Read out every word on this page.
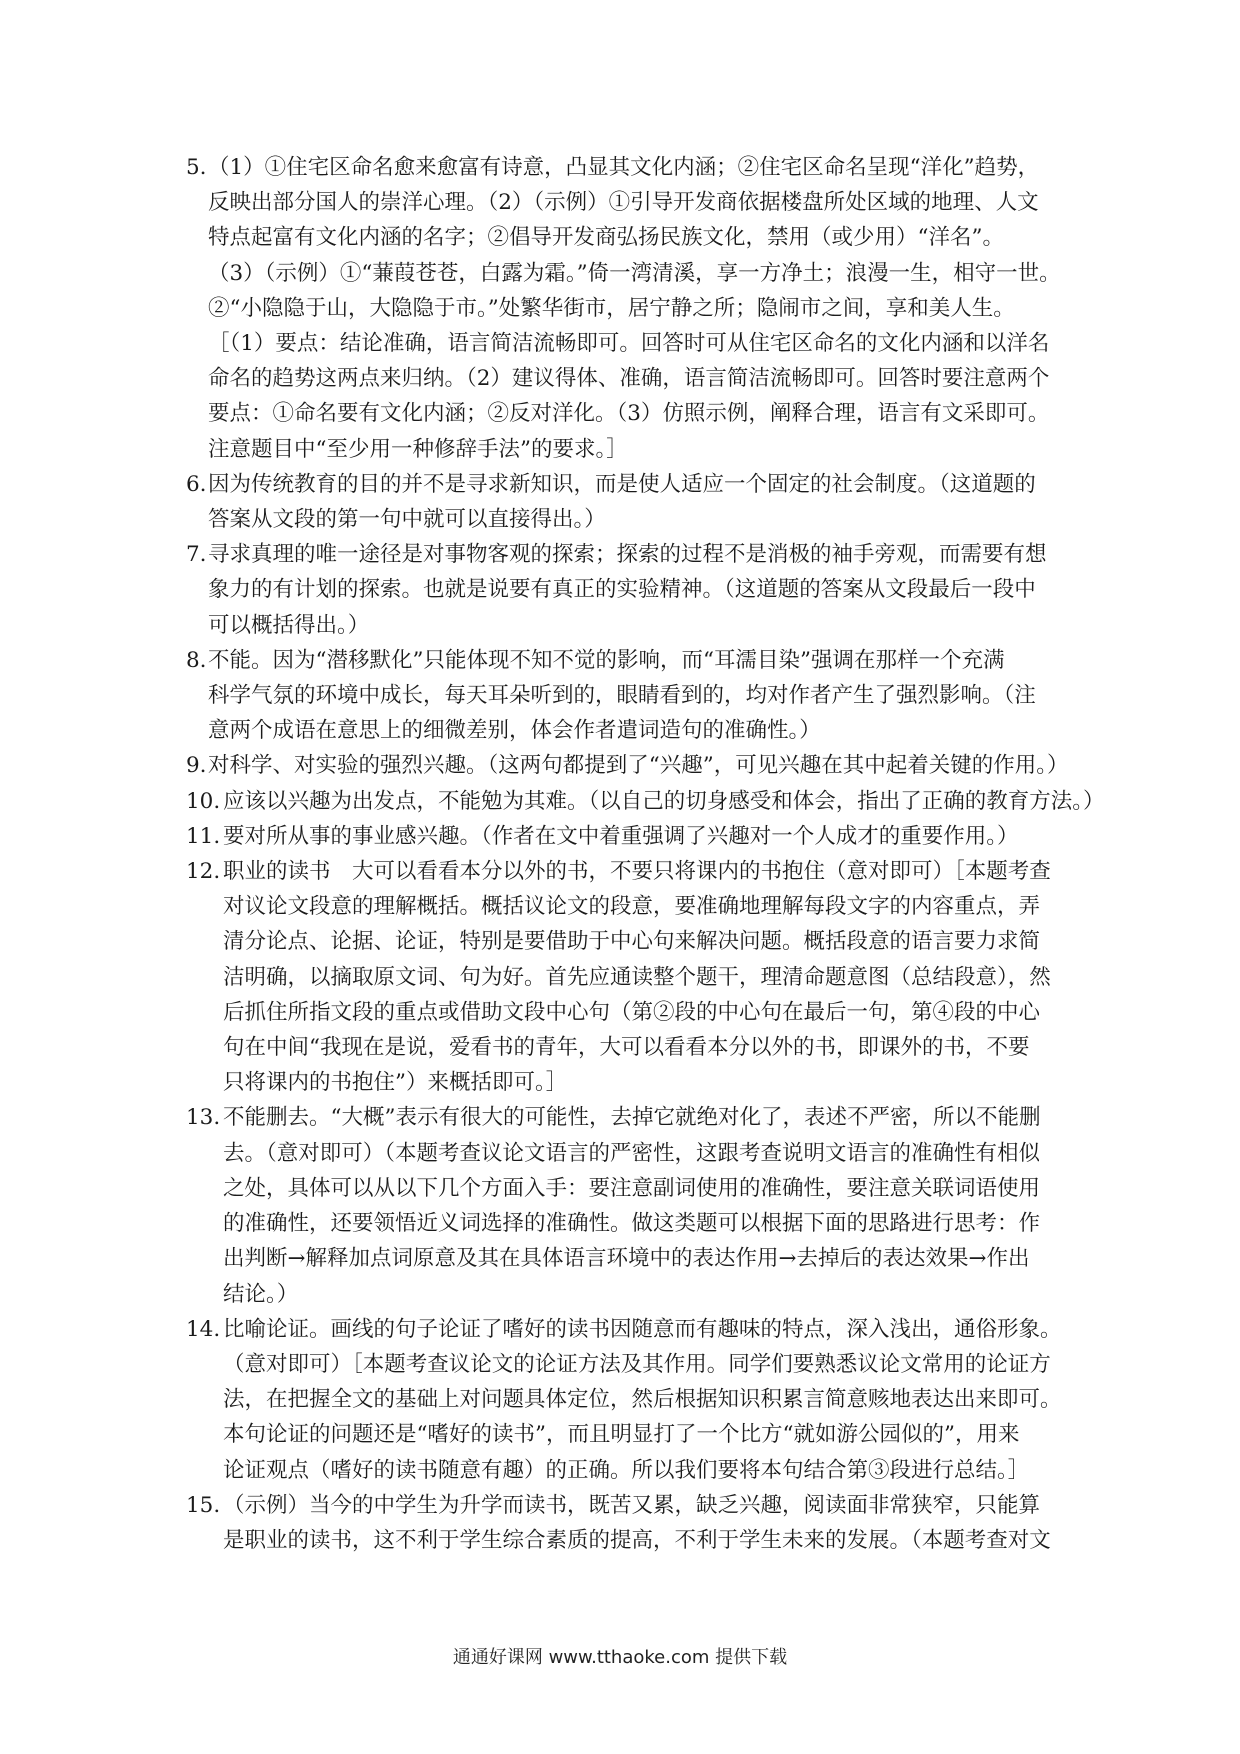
5. （1）①住宅区命名愈来愈富有诗意，凸显其文化内涵；②住宅区命名呈现“洋化”趋势，
反映出部分国人的崇洋心理。（2）（示例）①引导开发商依据楼盘所处区域的地理、人文
特点起富有文化内涵的名字；②倡导开发商弘扬民族文化，禁用（或少用）“洋名”。
（3）（示例）①“蒹葭苍苍，白露为霜。”倚一湾清溪，享一方净土；浪漫一生，相守一世。
②“小隐隐于山，大隐隐于市。”处繁华街市，居宁静之所；隐闹市之间，享和美人生。
［（1）要点：结论准确，语言简洁流畅即可。回答时可从住宅区命名的文化内涵和以洋名
命名的趋势这两点来归纳。（2）建议得体、准确，语言简洁流畅即可。回答时要注意两个
要点：①命名要有文化内涵；②反对洋化。（3）仿照示例，阐释合理，语言有文采即可。
注意题目中“至少用一种修辞手法”的要求。］
6. 因为传统教育的目的并不是寻求新知识，而是使人适应一个固定的社会制度。（这道题的
答案从文段的第一句中就可以直接得出。）
7. 寻求真理的唯一途径是对事物客观的探索；探索的过程不是消极的袖手旁观，而需要有想
象力的有计划的探索。也就是说要有真正的实验精神。（这道题的答案从文段最后一段中
可以概括得出。）
8. 不能。因为“潜移默化”只能体现不知不觉的影响，而“耳濡目染”强调在那样一个充满
科学气氛的环境中成长，每天耳朵听到的，眼睛看到的，均对作者产生了强烈影响。（注
意两个成语在意思上的细微差别，体会作者遣词造句的准确性。）
9. 对科学、对实验的强烈兴趣。（这两句都提到了“兴趣”，可见兴趣在其中起着关键的作用。）
10. 应该以兴趣为出发点，不能勉为其难。（以自己的切身感受和体会，指出了正确的教育方法。）
11. 要对所从事的事业感兴趣。（作者在文中着重强调了兴趣对一个人成才的重要作用。）
12. 职业的读书　大可以看看本分以外的书，不要只将课内的书抱住（意对即可）［本题考查
对议论文段意的理解概括。概括议论文的段意，要准确地理解每段文字的内容重点，弄
清分论点、论据、论证，特别是要借助于中心句来解决问题。概括段意的语言要力求简
洁明确，以摘取原文词、句为好。首先应通读整个题干，理清命题意图（总结段意），然
后抓住所指文段的重点或借助文段中心句（第②段的中心句在最后一句，第④段的中心
句在中间“我现在是说，爱看书的青年，大可以看看本分以外的书，即课外的书，不要
只将课内的书抱住”）来概括即可。］
13. 不能删去。“大概”表示有很大的可能性，去掉它就绝对化了，表述不严密，所以不能删
去。（意对即可）（本题考查议论文语言的严密性，这跟考查说明文语言的准确性有相似
之处，具体可以从以下几个方面入手：要注意副词使用的准确性，要注意关联词语使用
的准确性，还要领悟近义词选择的准确性。做这类题可以根据下面的思路进行思考：作
出判断→解释加点词原意及其在具体语言环境中的表达作用→去掉后的表达效果→作出
结论。）
14. 比喻论证。画线的句子论证了嗜好的读书因随意而有趣味的特点，深入浅出，通俗形象。
（意对即可）［本题考查议论文的论证方法及其作用。同学们要熟悉议论文常用的论证方
法，在把握全文的基础上对问题具体定位，然后根据知识积累言简意赅地表达出来即可。
本句论证的问题还是“嗜好的读书”，而且明显打了一个比方“就如游公园似的”，用来
论证观点（嗜好的读书随意有趣）的正确。所以我们要将本句结合第③段进行总结。］
15. （示例）当今的中学生为升学而读书，既苦又累，缺乏兴趣，阅读面非常狭窄，只能算
是职业的读书，这不利于学生综合素质的提高，不利于学生未来的发展。（本题考查对文
通通好课网 www.tthaoke.com 提供下载
